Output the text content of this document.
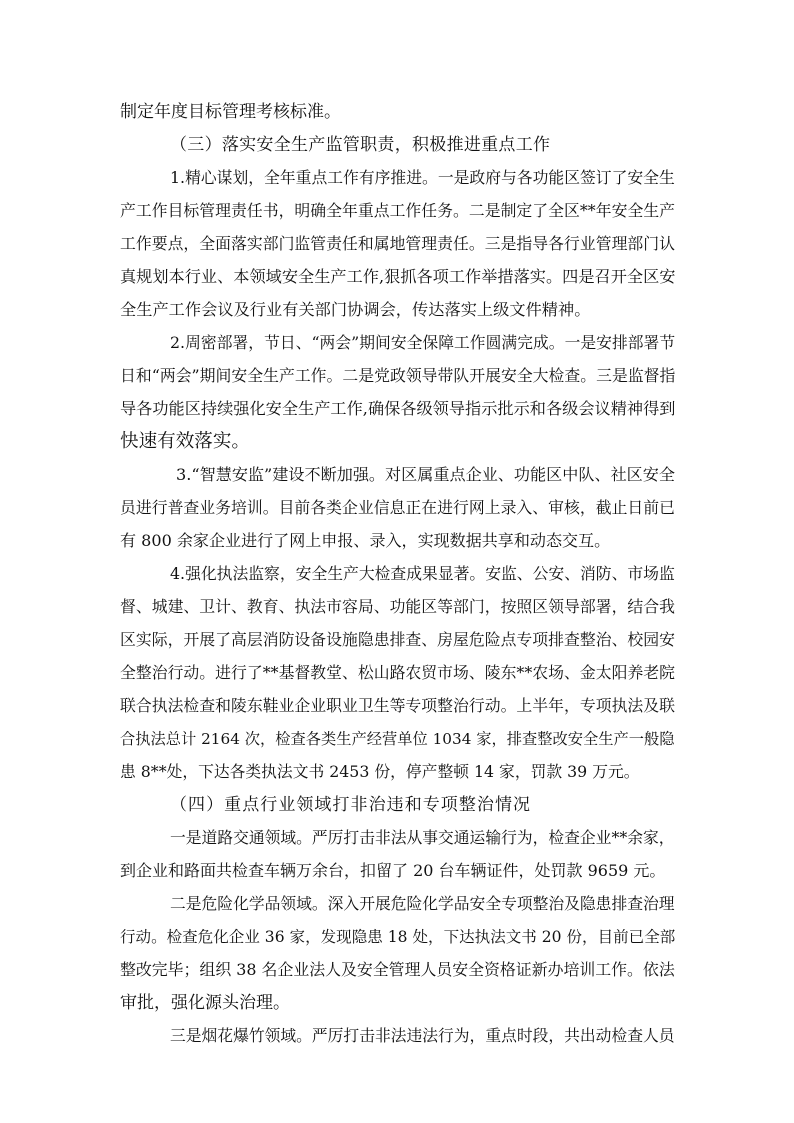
制定年度目标管理考核标准。
（三）落实安全生产监管职责，积极推进重点工作
1.精心谋划，全年重点工作有序推进。一是政府与各功能区签订了安全生
产工作目标管理责任书，明确全年重点工作任务。二是制定了全区**年安全生产
工作要点，全面落实部门监管责任和属地管理责任。三是指导各行业管理部门认
真规划本行业、本领域安全生产工作,狠抓各项工作举措落实。四是召开全区安
全生产工作会议及行业有关部门协调会，传达落实上级文件精神。
2.周密部署，节日、“两会”期间安全保障工作圆满完成。一是安排部署节
日和“两会”期间安全生产工作。二是党政领导带队开展安全大检查。三是监督指
导各功能区持续强化安全生产工作,确保各级领导指示批示和各级会议精神得到
快速有效落实。
3.“智慧安监”建设不断加强。对区属重点企业、功能区中队、社区安全
员进行普查业务培训。目前各类企业信息正在进行网上录入、审核，截止日前已
有 800 余家企业进行了网上申报、录入，实现数据共享和动态交互。
4.强化执法监察，安全生产大检查成果显著。安监、公安、消防、市场监
督、城建、卫计、教育、执法市容局、功能区等部门，按照区领导部署，结合我
区实际，开展了高层消防设备设施隐患排查、房屋危险点专项排查整治、校园安
全整治行动。进行了**基督教堂、松山路农贸市场、陵东**农场、金太阳养老院
联合执法检查和陵东鞋业企业职业卫生等专项整治行动。上半年，专项执法及联
合执法总计 2164 次，检查各类生产经营单位 1034 家，排查整改安全生产一般隐
患 8**处，下达各类执法文书 2453 份，停产整顿 14 家，罚款 39 万元。
（四）重点行业领域打非治违和专项整治情况
一是道路交通领域。严厉打击非法从事交通运输行为，检查企业**余家，
到企业和路面共检查车辆万余台，扣留了 20 台车辆证件，处罚款 9659 元。
二是危险化学品领域。深入开展危险化学品安全专项整治及隐患排查治理
行动。检查危化企业 36 家，发现隐患 18 处，下达执法文书 20 份，目前已全部
整改完毕；组织 38 名企业法人及安全管理人员安全资格证新办培训工作。依法
审批，强化源头治理。
三是烟花爆竹领域。严厉打击非法违法行为，重点时段，共出动检查人员
